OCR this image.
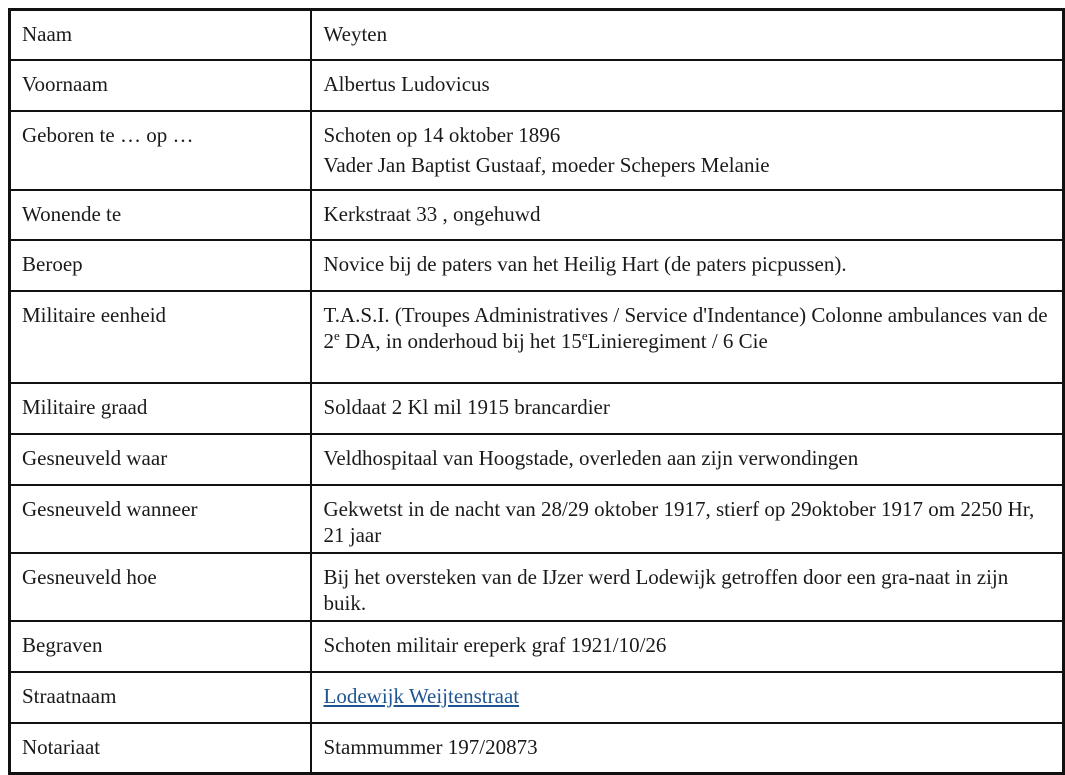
Naam	Weyten
Voornaam	Albertus Ludovicus
Geboren te … op …	Schoten op 14 oktober 1896
Vader Jan Baptist Gustaaf, moeder Schepers Melanie

Wonende te	Kerkstraat 33 , ongehuwd
Beroep	Novice bij de paters van het Heilig Hart (de paters picpussen).
Militaire eenheid	T.A.S.I. (Troupes Administratives / Service d'Indentance) Colonne ambulances van de 2e DA, in onderhoud bij het 15eLinieregiment / 6 Cie
Militaire graad	Soldaat 2 Kl mil 1915 brancardier
Gesneuveld waar	Veldhospitaal van Hoogstade, overleden aan zijn verwondingen
Gesneuveld wanneer	Gekwetst in de nacht van 28/29 oktober 1917, stierf op 29oktober 1917 om 2250 Hr, 21 jaar
Gesneuveld hoe	Bij het oversteken van de IJzer werd Lodewijk getroffen door een gra-naat in zijn buik.
Begraven	Schoten militair ereperk graf 1921/10/26
Straatnaam	Lodewijk Weijtenstraat
Notariaat	Stammummer 197/20873
